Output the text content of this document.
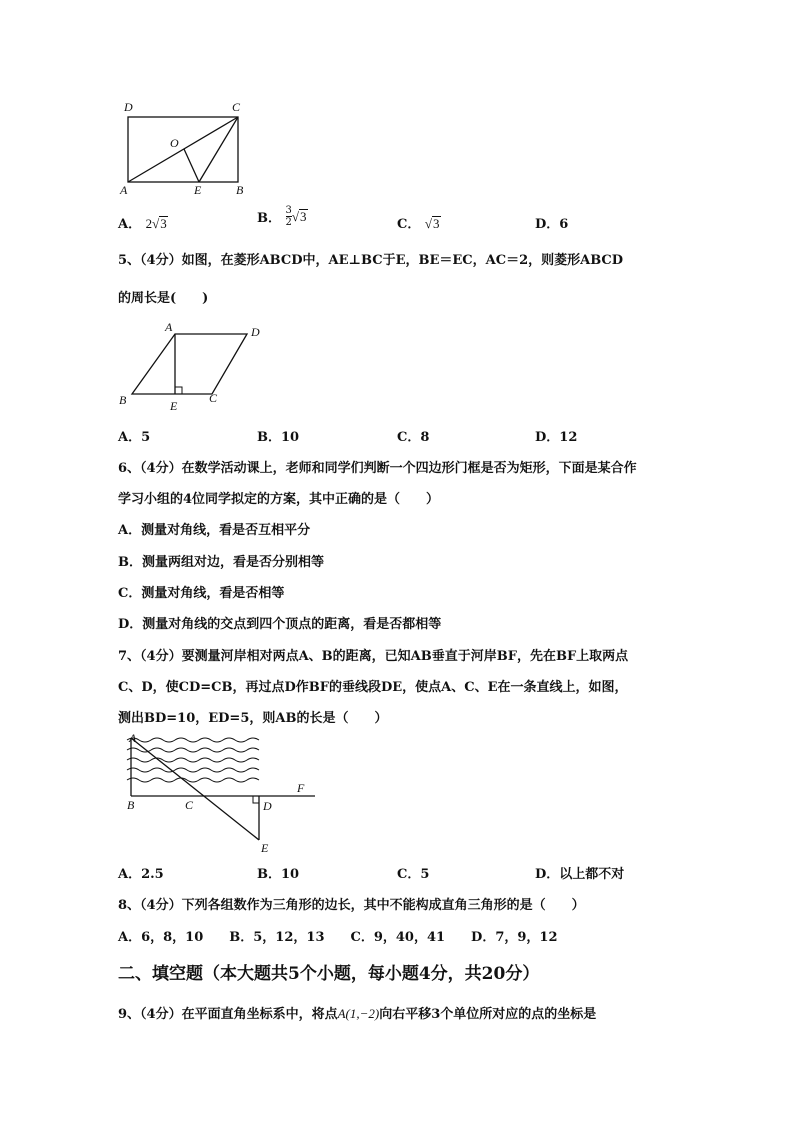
D	C
O
A	E	B
A． 2√3	B． $\frac{3}{2} √3$
C． √3	D．6
5、（4分）如图，在菱形ABCD中，AE⊥BC于E，BE＝EC，AC＝2，则菱形ABCD
的周长是(　　)
A	D
B	E
C
A．5	B．10	C．8	D．12
6、（4分）在数学活动课上，老师和同学们判断一个四边形门框是否为矩形，下面是某合作
学习小组的4位同学拟定的方案，其中正确的是（　　）
A．测量对角线，看是否互相平分
B．测量两组对边，看是否分别相等
C．测量对角线，看是否相等
D．测量对角线的交点到四个顶点的距离，看是否都相等
7、（4分）要测量河岸相对两点A、B的距离，已知AB垂直于河岸BF，先在BF上取两点
C、D，使CD=CB，再过点D作BF的垂线段DE，使点A、C、E在一条直线上，如图，
测出BD=10，ED=5，则AB的长是（　　）
A
B	C	D
E
F
A．2.5	B．10	C．5	D．以上都不对
8、（4分）下列各组数作为三角形的边长，其中不能构成直角三角形的是（　　）
A．6，8，10　　B．5，12，13　　C．9，40，41　　D．7，9，12
二、填空题（本大题共5个小题，每小题4分，共20分）
9、（4分）在平面直角坐标系中，将点A(1,−2)向右平移3个单位所对应的点的坐标是
